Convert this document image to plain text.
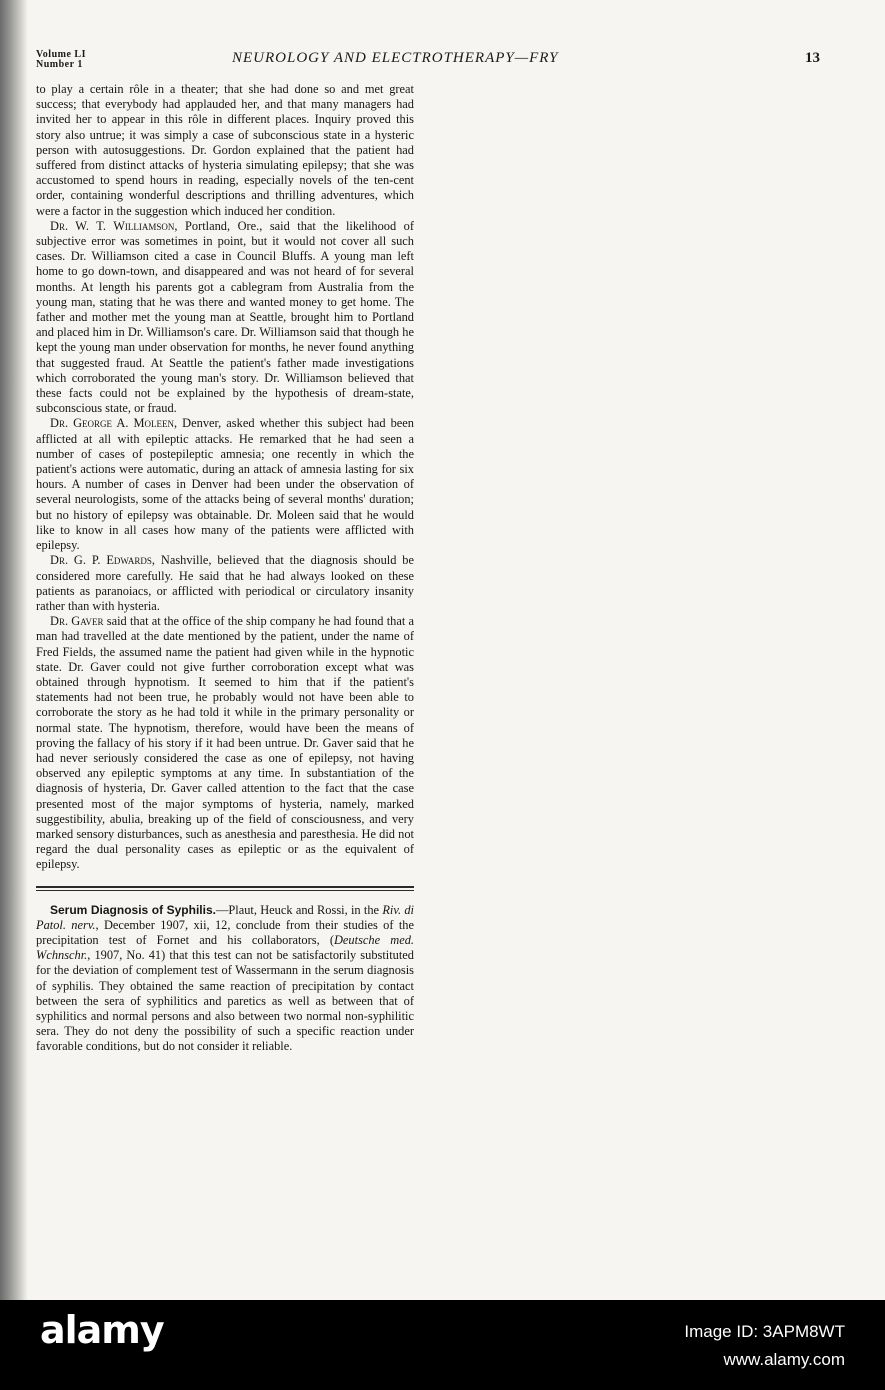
Volume LI
Number 1	NEUROLOGY AND ELECTROTHERAPY—FRY	13

to play a certain rôle in a theater; that she had done so and met great success; that everybody had applauded her, and that many managers had invited her to appear in this rôle in different places. Inquiry proved this story also untrue; it was simply a case of subconscious state in a hysteric person with autosuggestions. Dr. Gordon explained that the patient had suffered from distinct attacks of hysteria simulating epilepsy; that she was accustomed to spend hours in reading, especially novels of the ten-cent order, containing wonderful descriptions and thrilling adventures, which were a factor in the suggestion which induced her condition.

Dr. W. T. Williamson, Portland, Ore., said that the likelihood of subjective error was sometimes in point, but it would not cover all such cases. Dr. Williamson cited a case in Council Bluffs. A young man left home to go down-town, and disappeared and was not heard of for several months. At length his parents got a cablegram from Australia from the young man, stating that he was there and wanted money to get home. The father and mother met the young man at Seattle, brought him to Portland and placed him in Dr. Williamson's care. Dr. Williamson said that though he kept the young man under observation for months, he never found anything that suggested fraud. At Seattle the patient's father made investigations which corroborated the young man's story. Dr. Williamson believed that these facts could not be explained by the hypothesis of dream-state, subconscious state, or fraud.

Dr. George A. Moleen, Denver, asked whether this subject had been afflicted at all with epileptic attacks. He remarked that he had seen a number of cases of postepileptic amnesia; one recently in which the patient's actions were automatic, during an attack of amnesia lasting for six hours. A number of cases in Denver had been under the observation of several neurologists, some of the attacks being of several months' duration; but no history of epilepsy was obtainable. Dr. Moleen said that he would like to know in all cases how many of the patients were afflicted with epilepsy.

Dr. G. P. Edwards, Nashville, believed that the diagnosis should be considered more carefully. He said that he had always looked on these patients as paranoiacs, or afflicted with periodical or circulatory insanity rather than with hysteria.

Dr. Gaver said that at the office of the ship company he had found that a man had travelled at the date mentioned by the patient, under the name of Fred Fields, the assumed name the patient had given while in the hypnotic state. Dr. Gaver could not give further corroboration except what was obtained through hypnotism. It seemed to him that if the patient's statements had not been true, he probably would not have been able to corroborate the story as he had told it while in the primary personality or normal state. The hypnotism, therefore, would have been the means of proving the fallacy of his story if it had been untrue. Dr. Gaver said that he had never seriously considered the case as one of epilepsy, not having observed any epileptic symptoms at any time. In substantiation of the diagnosis of hysteria, Dr. Gaver called attention to the fact that the case presented most of the major symptoms of hysteria, namely, marked suggestibility, abulia, breaking up of the field of consciousness, and very marked sensory disturbances, such as anesthesia and paresthesia. He did not regard the dual personality cases as epileptic or as the equivalent of epilepsy.

Serum Diagnosis of Syphilis.—Plaut, Heuck and Rossi, in the Riv. di Patol. nerv., December 1907, xii, 12, conclude from their studies of the precipitation test of Fornet and his collaborators, (Deutsche med. Wchnschr., 1907, No. 41) that this test can not be satisfactorily substituted for the deviation of complement test of Wassermann in the serum diagnosis of syphilis. They obtained the same reaction of precipitation by contact between the sera of syphilitics and paretics as well as between that of syphilitics and normal persons and also between two normal non-syphilitic sera. They do not deny the possibility of such a specific reaction under favorable conditions, but do not consider it reliable.

alamy	Image ID: 3APM8WT
www.alamy.com
